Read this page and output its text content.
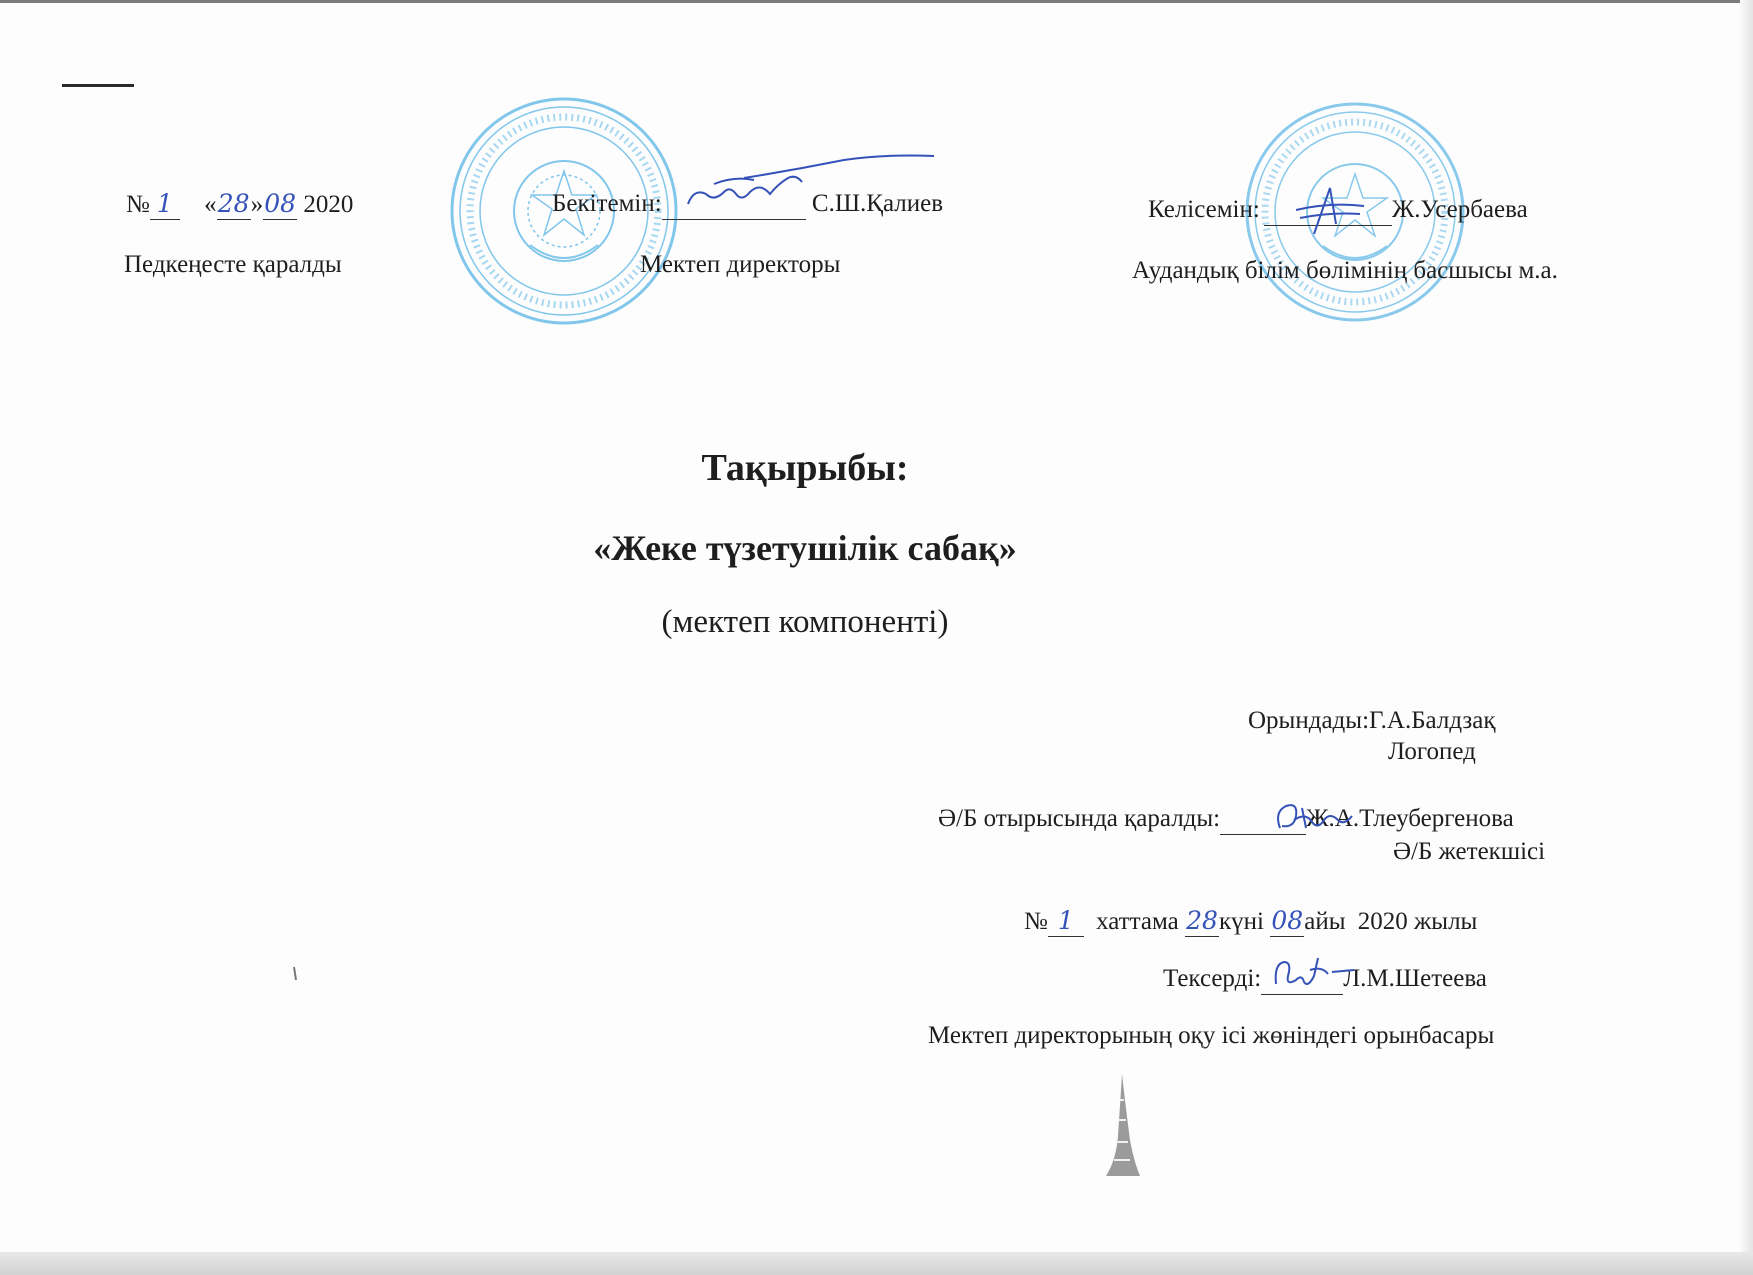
№ 1 «28»08 2020
Педкеңесте қаралды
Бекітемін:	С.Ш.Қалиев
Мектеп директоры
Келісемін:	Ж.Усербаева
Аудандық білім бөлімінің басшысы м.а.
Тақырыбы:
«Жеке түзетушілік сабақ»
(мектеп компоненті)
Орындады:Г.А.Балдзақ
Логопед
Ә/Б отырысында қаралды:	Ж.А.Тлеубергенова
Ә/Б жетекшісі
№ 1 хаттама 28күні 08айы 2020 жылы
Тексерді:	Л.М.Шетеева
Мектеп директорының оқу ісі жөніндегі орынбасары
